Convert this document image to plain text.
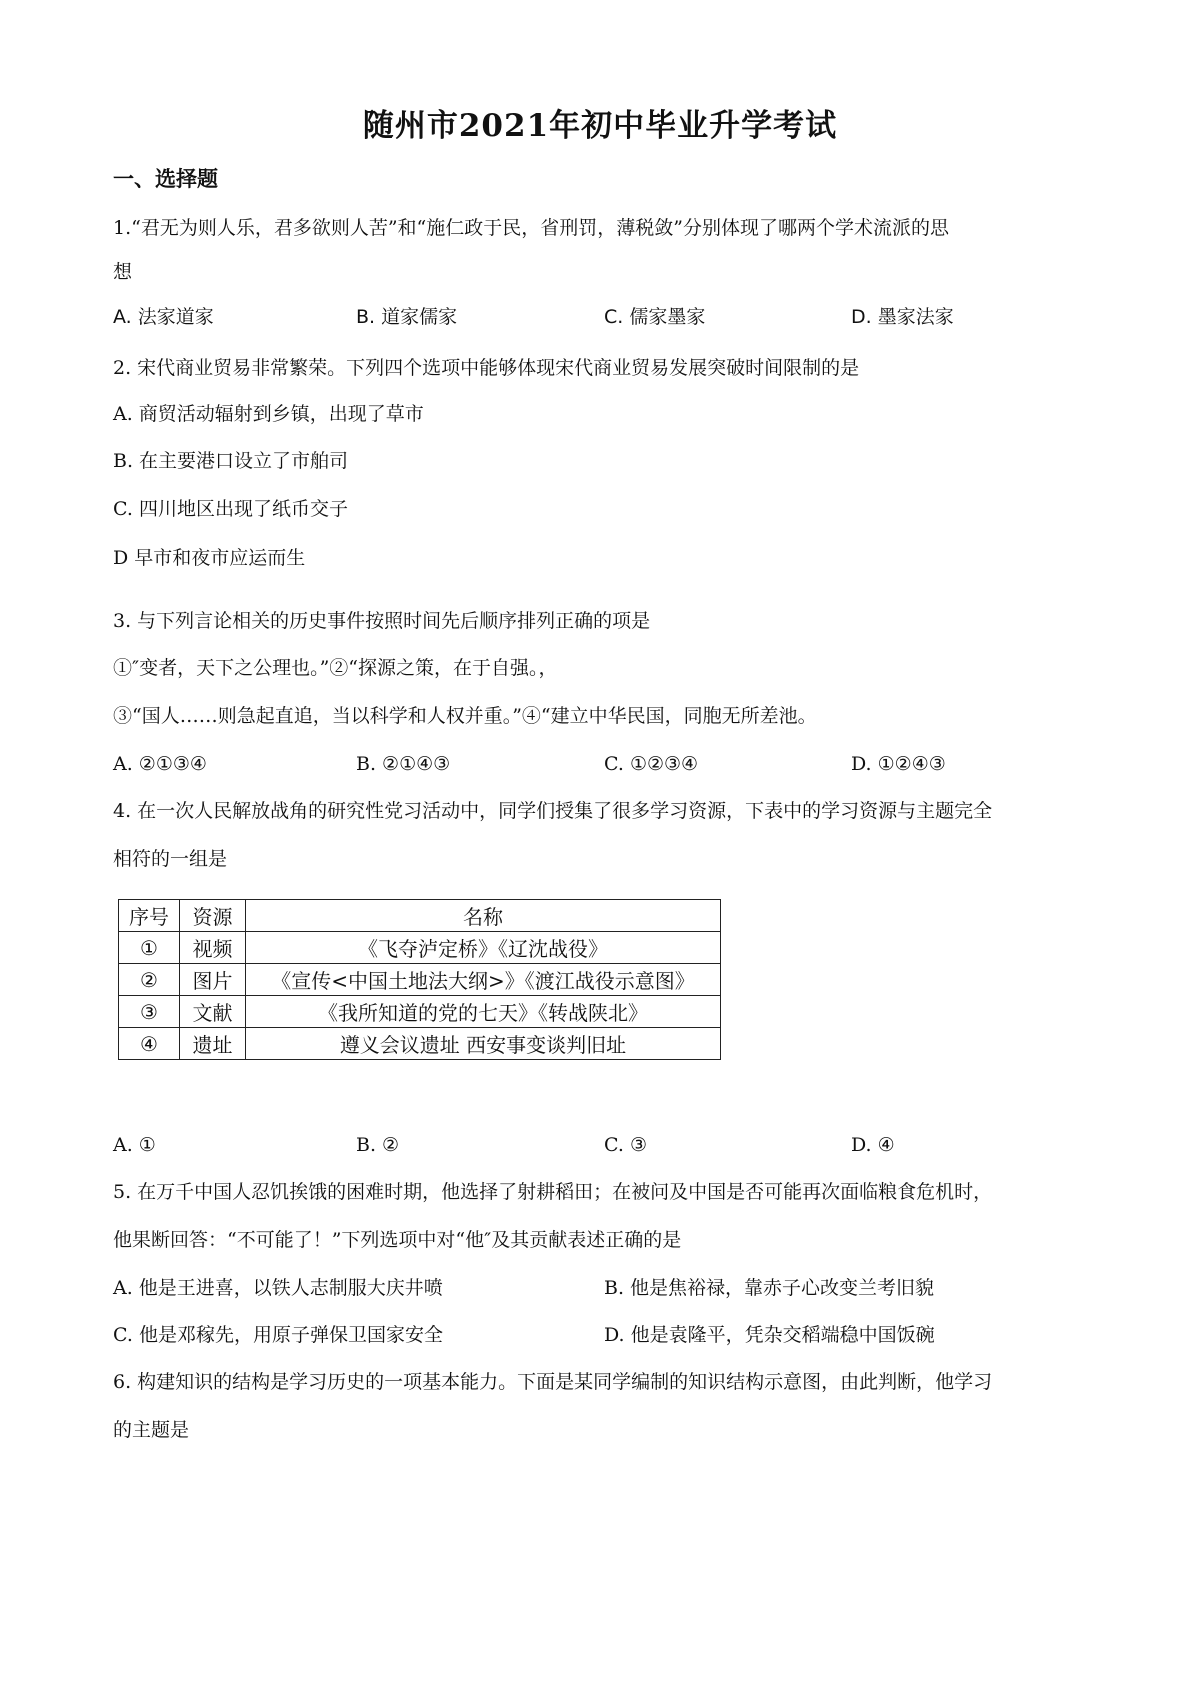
随州市2021年初中毕业升学考试
一、选择题
1.“君无为则人乐，君多欲则人苦”和“施仁政于民，省刑罚，薄税敛”分别体现了哪两个学术流派的思
想
A. 法家道家	B. 道家儒家	C. 儒家墨家	D. 墨家法家
2. 宋代商业贸易非常繁荣。下列四个选项中能够体现宋代商业贸易发展突破时间限制的是
A. 商贸活动辐射到乡镇，出现了草市
B. 在主要港口设立了市舶司
C. 四川地区出现了纸币交子
D 早市和夜市应运而生
3. 与下列言论相关的历史事件按照时间先后顺序排列正确的项是
①″变者，天下之公理也。”②“探源之策，在于自强。，
③“国人……则急起直追，当以科学和人权并重。”④“建立中华民国，同胞无所差池。
A. ②①③④	B. ②①④③	C. ①②③④	D. ①②④③
4. 在一次人民解放战角的研究性党习活动中，同学们授集了很多学习资源，下表中的学习资源与主题完全
相符的一组是
序号	资源	名称
①	视频	《飞夺泸定桥》《辽沈战役》
②	图片	《宣传<中国土地法大纲>》《渡江战役示意图》
③	文献	《我所知道的党的七天》《转战陕北》
④	遗址	遵义会议遗址 西安事变谈判旧址
A. ①	B. ②	C. ③	D. ④
5. 在万千中国人忍饥挨饿的困难时期，他选择了射耕稻田；在被问及中国是否可能再次面临粮食危机时，
他果断回答：“不可能了！”下列选项中对“他″及其贡献表述正确的是
A. 他是王进喜，以铁人志制服大庆井喷	B. 他是焦裕禄，靠赤子心改变兰考旧貌
C. 他是邓稼先，用原子弹保卫国家安全	D. 他是袁隆平，凭杂交稻端稳中国饭碗
6. 构建知识的结构是学习历史的一项基本能力。下面是某同学编制的知识结构示意图，由此判断，他学习
的主题是
